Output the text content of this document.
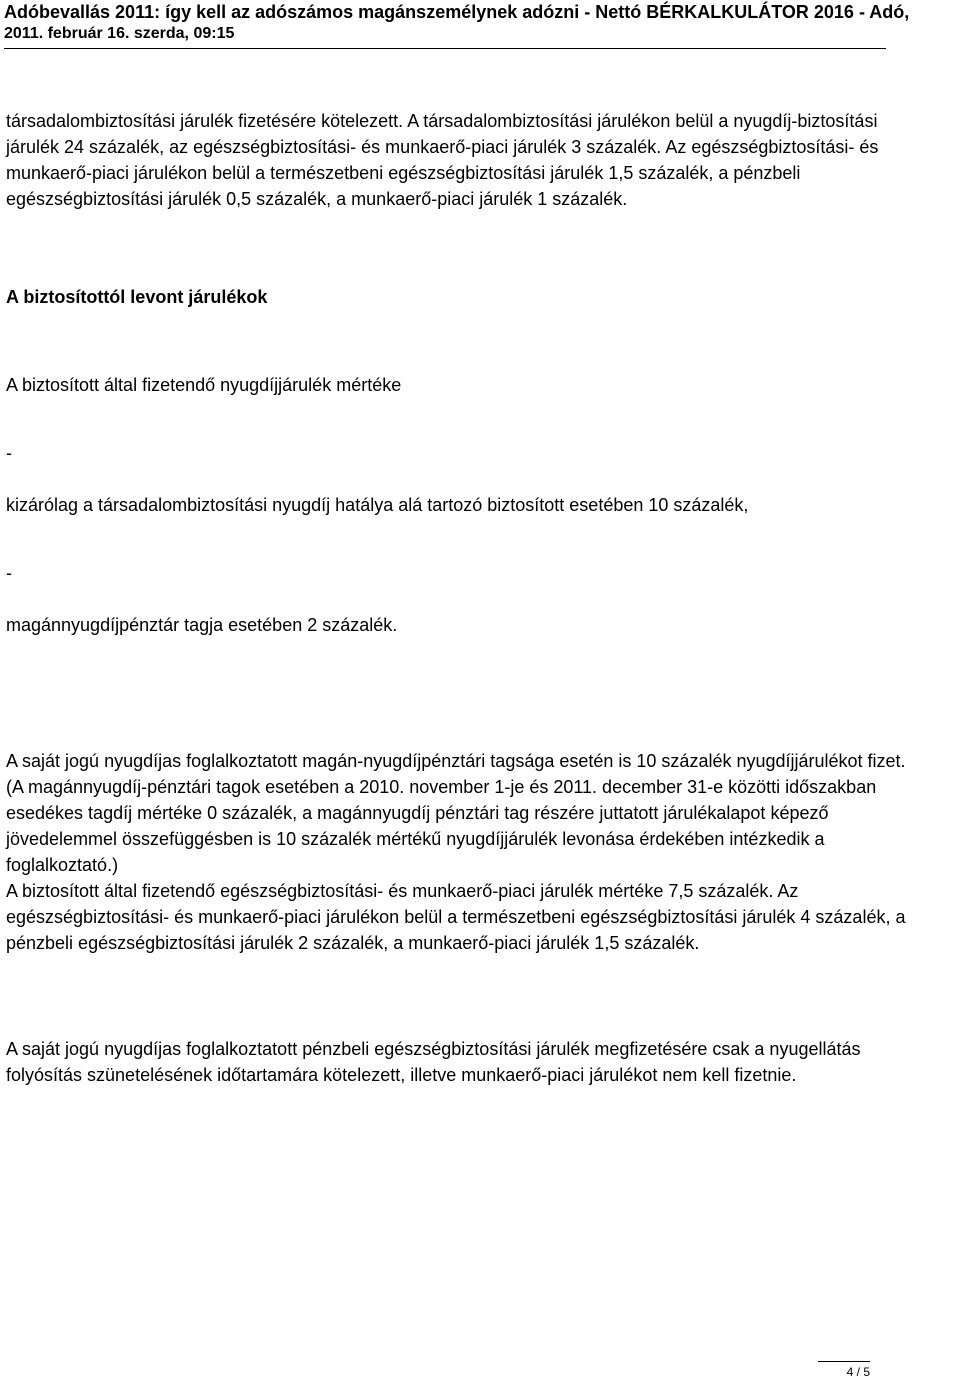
Adóbevallás 2011: így kell az adószámos magánszemélynek adózni - Nettó BÉRKALKULÁTOR 2016 - Adó,
2011. február 16. szerda, 09:15

társadalombiztosítási járulék fizetésére kötelezett. A társadalombiztosítási járulékon belül a nyugdíj-biztosítási járulék 24 százalék, az egészségbiztosítási- és munkaerő-piaci járulék 3 százalék. Az egészségbiztosítási- és munkaerő-piaci járulékon belül a természetbeni egészségbiztosítási járulék 1,5 százalék, a pénzbeli egészségbiztosítási járulék 0,5 százalék, a munkaerő-piaci járulék 1 százalék.

A biztosítottól levont járulékok

A biztosított által fizetendő nyugdíjjárulék mértéke

-

kizárólag a társadalombiztosítási nyugdíj hatálya alá tartozó biztosított esetében 10 százalék,

-

magánnyugdíjpénztár tagja esetében 2 százalék.

A saját jogú nyugdíjas foglalkoztatott magán-nyugdíjpénztári tagsága esetén is 10 százalék nyugdíjjárulékot fizet. (A magánnyugdíj-pénztári tagok esetében a 2010. november 1-je és 2011. december 31-e közötti időszakban esedékes tagdíj mértéke 0 százalék, a magánnyugdíj pénztári tag részére juttatott járulékalapot képező jövedelemmel összefüggésben is 10 százalék mértékű nyugdíjjárulék levonása érdekében intézkedik a foglalkoztató.)

A biztosított által fizetendő egészségbiztosítási- és munkaerő-piaci járulék mértéke 7,5 százalék. Az egészségbiztosítási- és munkaerő-piaci járulékon belül a természetbeni egészségbiztosítási járulék 4 százalék, a pénzbeli egészségbiztosítási járulék 2 százalék, a munkaerő-piaci járulék 1,5 százalék.

A saját jogú nyugdíjas foglalkoztatott pénzbeli egészségbiztosítási járulék megfizetésére csak a nyugellátás folyósítás szünetelésének időtartamára kötelezett, illetve munkaerő-piaci járulékot nem kell fizetnie.

4 / 5
